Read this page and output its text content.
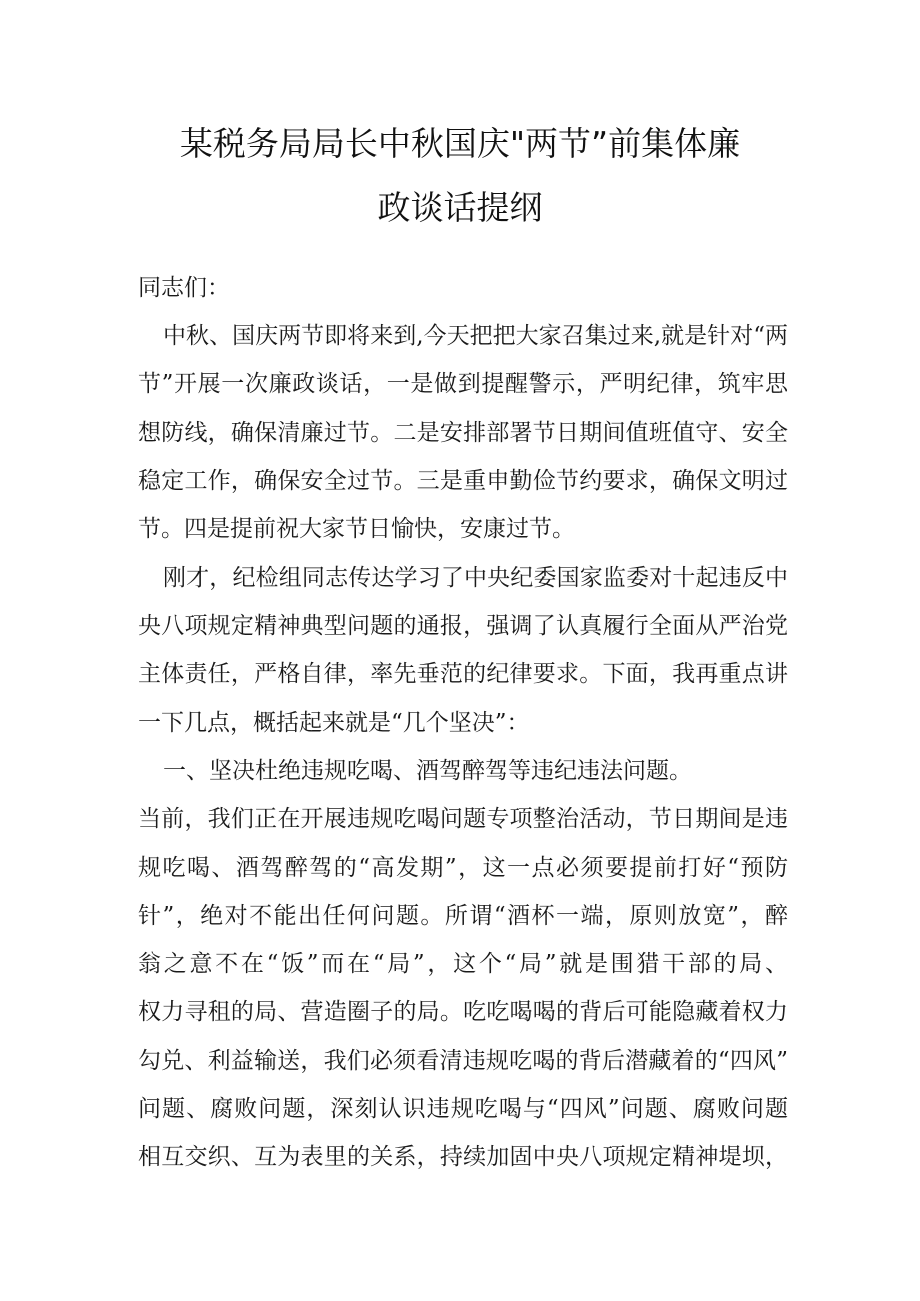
某税务局局长中秋国庆"两节”前集体廉
政谈话提纲
同志们：
中秋、国庆两节即将来到,今天把把大家召集过来,就是针对“两
节”开展一次廉政谈话，一是做到提醒警示，严明纪律，筑牢思
想防线，确保清廉过节。二是安排部署节日期间值班值守、安全
稳定工作，确保安全过节。三是重申勤俭节约要求，确保文明过
节。四是提前祝大家节日愉快，安康过节。
刚才，纪检组同志传达学习了中央纪委国家监委对十起违反中
央八项规定精神典型问题的通报，强调了认真履行全面从严治党
主体责任，严格自律，率先垂范的纪律要求。下面，我再重点讲
一下几点，概括起来就是“几个坚决”：
一、坚决杜绝违规吃喝、酒驾醉驾等违纪违法问题。
当前，我们正在开展违规吃喝问题专项整治活动，节日期间是违
规吃喝、酒驾醉驾的“高发期”，这一点必须要提前打好“预防
针”，绝对不能出任何问题。所谓“酒杯一端，原则放宽”，醉
翁之意不在“饭”而在“局”，这个“局”就是围猎干部的局、
权力寻租的局、营造圈子的局。吃吃喝喝的背后可能隐藏着权力
勾兑、利益输送，我们必须看清违规吃喝的背后潜藏着的“四风”
问题、腐败问题，深刻认识违规吃喝与“四风”问题、腐败问题
相互交织、互为表里的关系，持续加固中央八项规定精神堤坝，
